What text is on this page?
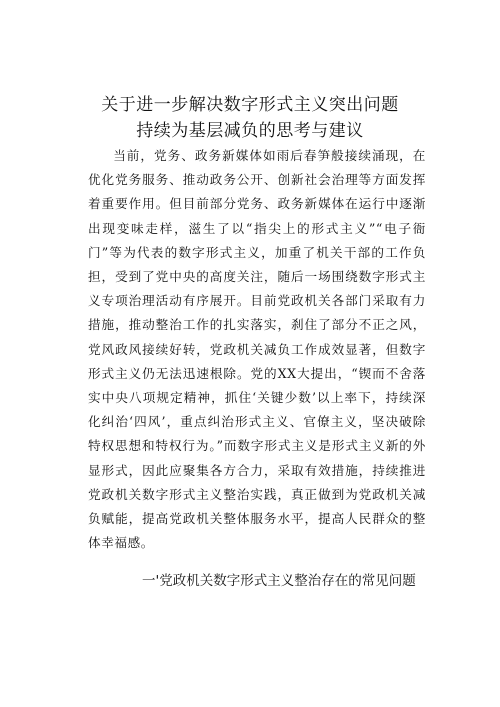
关于进一步解决数字形式主义突出问题
持续为基层减负的思考与建议

当前，党务、政务新媒体如雨后春笋般接续涌现，在优化党务服务、推动政务公开、创新社会治理等方面发挥着重要作用。但目前部分党务、政务新媒体在运行中逐渐出现变味走样，滋生了以“指尖上的形式主义”“电子衙门”等为代表的数字形式主义，加重了机关干部的工作负担，受到了党中央的高度关注，随后一场围绕数字形式主义专项治理活动有序展开。目前党政机关各部门采取有力措施，推动整治工作的扎实落实，刹住了部分不正之风，党风政风接续好转，党政机关减负工作成效显著，但数字形式主义仍无法迅速根除。党的XX大提出，“锲而不舍落实中央八项规定精神，抓住‘关键少数’以上率下，持续深化纠治‘四风’，重点纠治形式主义、官僚主义，坚决破除特权思想和特权行为。”而数字形式主义是形式主义新的外显形式，因此应聚集各方合力，采取有效措施，持续推进党政机关数字形式主义整治实践，真正做到为党政机关减负赋能，提高党政机关整体服务水平，提高人民群众的整体幸福感。

一'党政机关数字形式主义整治存在的常见问题
